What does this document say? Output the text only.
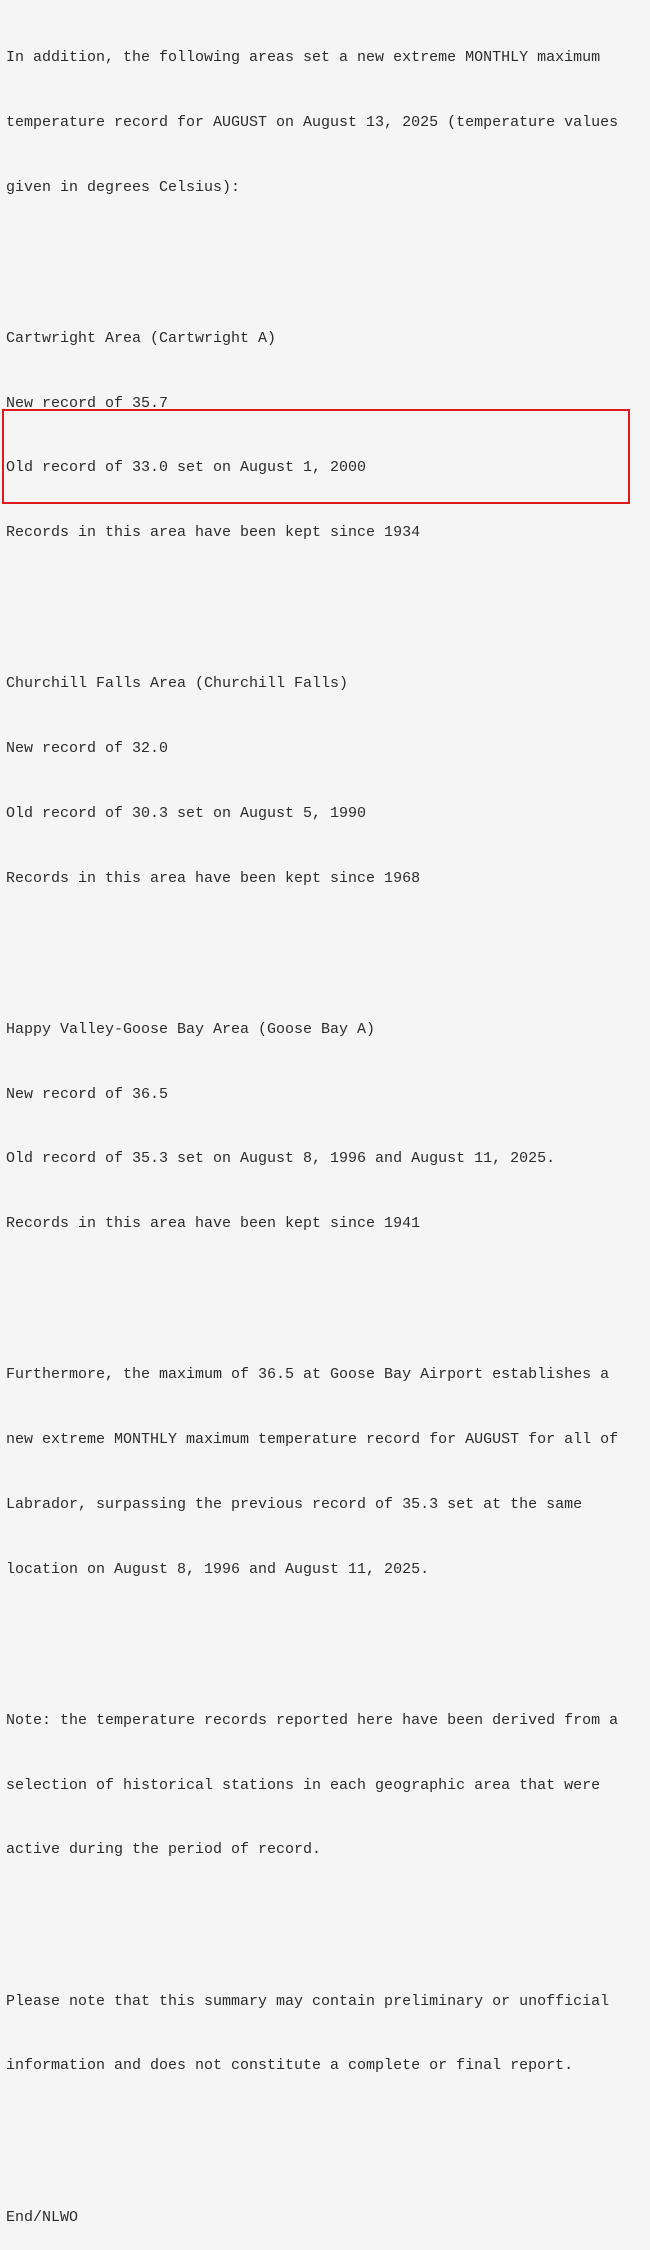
In addition, the following areas set a new extreme MONTHLY maximum

temperature record for AUGUST on August 13, 2025 (temperature values

given in degrees Celsius):

Cartwright Area (Cartwright A)

New record of 35.7

Old record of 33.0 set on August 1, 2000

Records in this area have been kept since 1934

Churchill Falls Area (Churchill Falls)

New record of 32.0

Old record of 30.3 set on August 5, 1990

Records in this area have been kept since 1968

Happy Valley-Goose Bay Area (Goose Bay A)

New record of 36.5

Old record of 35.3 set on August 8, 1996 and August 11, 2025.

Records in this area have been kept since 1941

Furthermore, the maximum of 36.5 at Goose Bay Airport establishes a

new extreme MONTHLY maximum temperature record for AUGUST for all of

Labrador, surpassing the previous record of 35.3 set at the same

location on August 8, 1996 and August 11, 2025.

Note: the temperature records reported here have been derived from a

selection of historical stations in each geographic area that were

active during the period of record.

Please note that this summary may contain preliminary or unofficial

information and does not constitute a complete or final report.

End/NLWO
